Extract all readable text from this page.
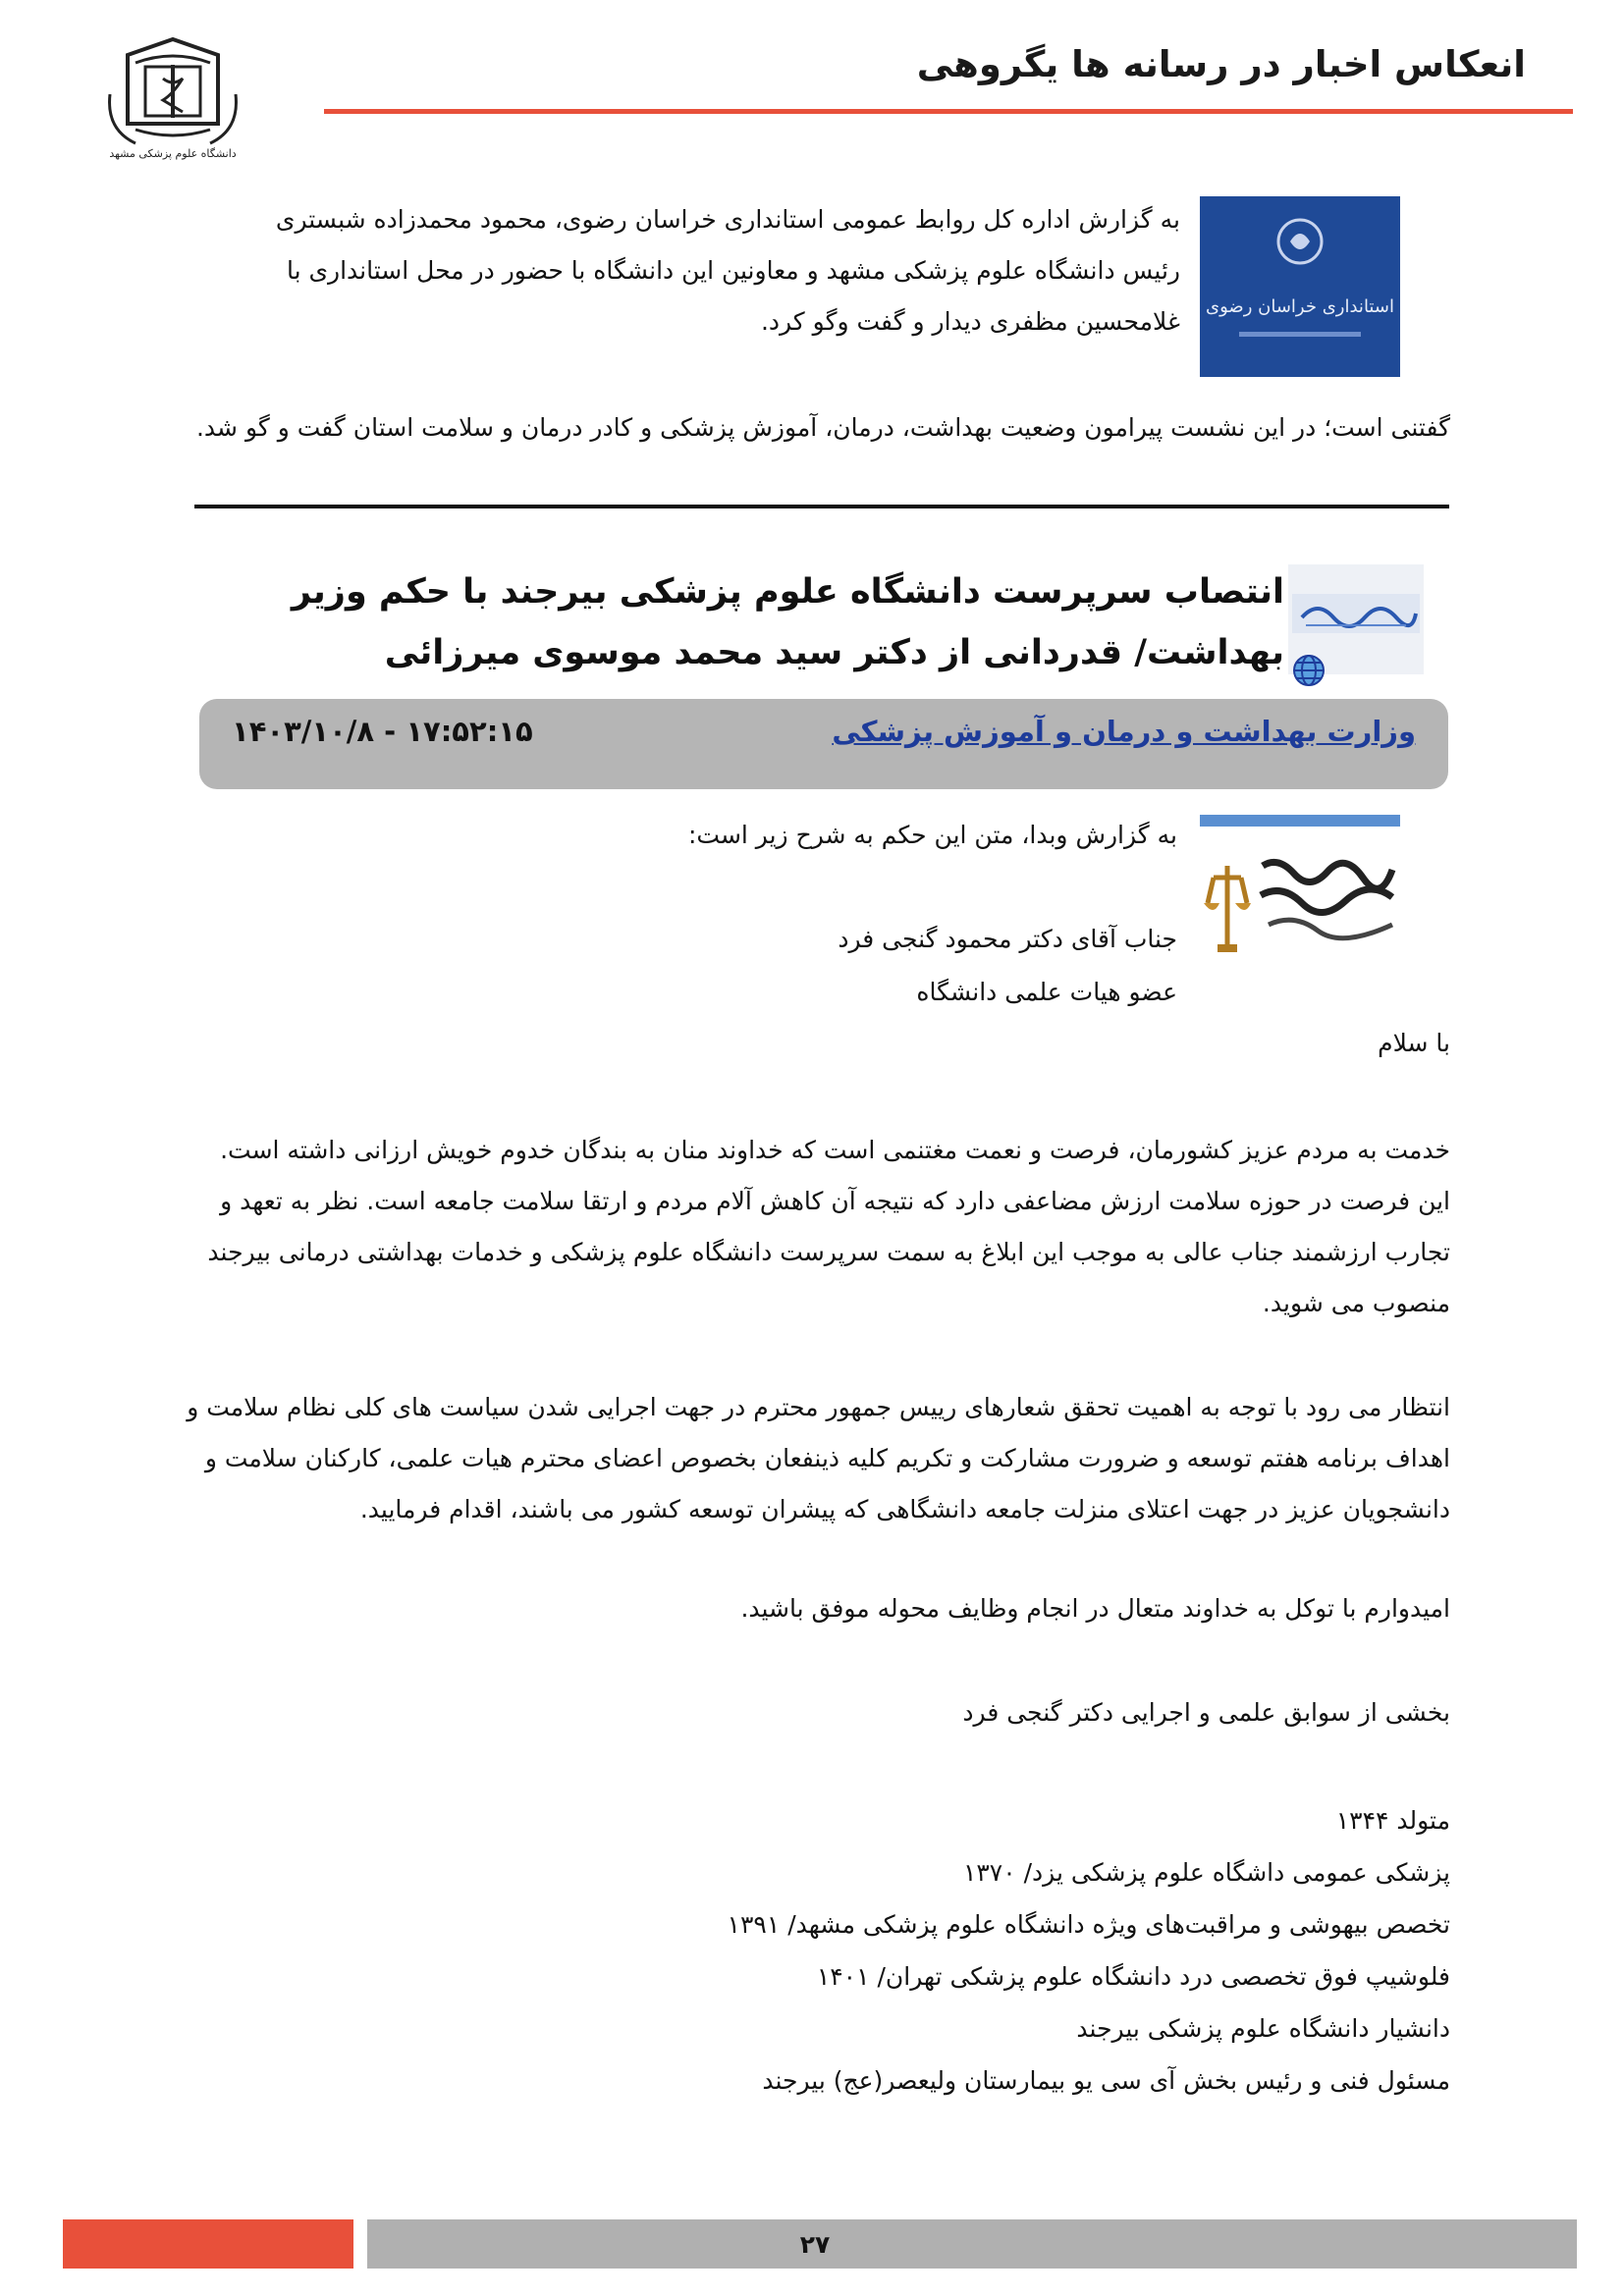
انعکاس اخبار در رسانه ها یگروهی
دانشگاه علوم پزشکی مشهد
استانداری خراسان رضوی
به گزارش اداره کل روابط عمومی استانداری خراسان رضوی، محمود محمدزاده شبستری رئیس دانشگاه علوم پزشکی مشهد و معاونین این دانشگاه با حضور در محل استانداری با غلامحسین مظفری دیدار و گفت وگو کرد.
گفتنی است؛ در این نشست پیرامون وضعیت بهداشت، درمان، آموزش پزشکی و کادر درمان و سلامت استان گفت و گو شد.
انتصاب سرپرست دانشگاه علوم پزشکی بیرجند با حکم وزیر بهداشت/ قدردانی از دکتر سید محمد موسوی میرزائی
وزارت بهداشت و درمان و آموزش پزشکی
۱۴۰۳/۱۰/۸ - ۱۷:۵۲:۱۵
به گزارش وبدا، متن این حکم به شرح زیر است:
جناب آقای دکتر محمود گنجی فرد
عضو هیات علمی دانشگاه
با سلام
خدمت به مردم عزیز کشورمان، فرصت و نعمت مغتنمی است که خداوند منان به بندگان خدوم خویش ارزانی داشته است. این فرصت در حوزه سلامت ارزش مضاعفی دارد که نتیجه آن کاهش آلام مردم و ارتقا سلامت جامعه است. نظر به تعهد و تجارب ارزشمند جناب عالی به موجب این ابلاغ به سمت سرپرست دانشگاه علوم پزشکی و خدمات بهداشتی درمانی بیرجند منصوب می شوید.
انتظار می رود با توجه به اهمیت تحقق شعارهای رییس جمهور محترم در جهت اجرایی شدن سیاست های کلی نظام سلامت و اهداف برنامه هفتم توسعه و ضرورت مشارکت و تکریم کلیه ذینفعان بخصوص اعضای محترم هیات علمی، کارکنان سلامت و دانشجویان عزیز در جهت اعتلای منزلت جامعه دانشگاهی که پیشران توسعه کشور می باشند، اقدام فرمایید.
امیدوارم با توکل به خداوند متعال در انجام وظایف محوله موفق باشید.
بخشی از سوابق علمی و اجرایی دکتر گنجی فرد
متولد ۱۳۴۴
پزشکی عمومی داشگاه علوم پزشکی یزد/ ۱۳۷۰
تخصص بیهوشی و مراقبت‌های ویژه دانشگاه علوم پزشکی مشهد/ ۱۳۹۱
فلوشیپ فوق تخصصی درد دانشگاه علوم پزشکی تهران/ ۱۴۰۱
دانشیار دانشگاه علوم پزشکی بیرجند
مسئول فنی و رئیس بخش آی سی یو بیمارستان ولیعصر(عج) بیرجند
۲۷
